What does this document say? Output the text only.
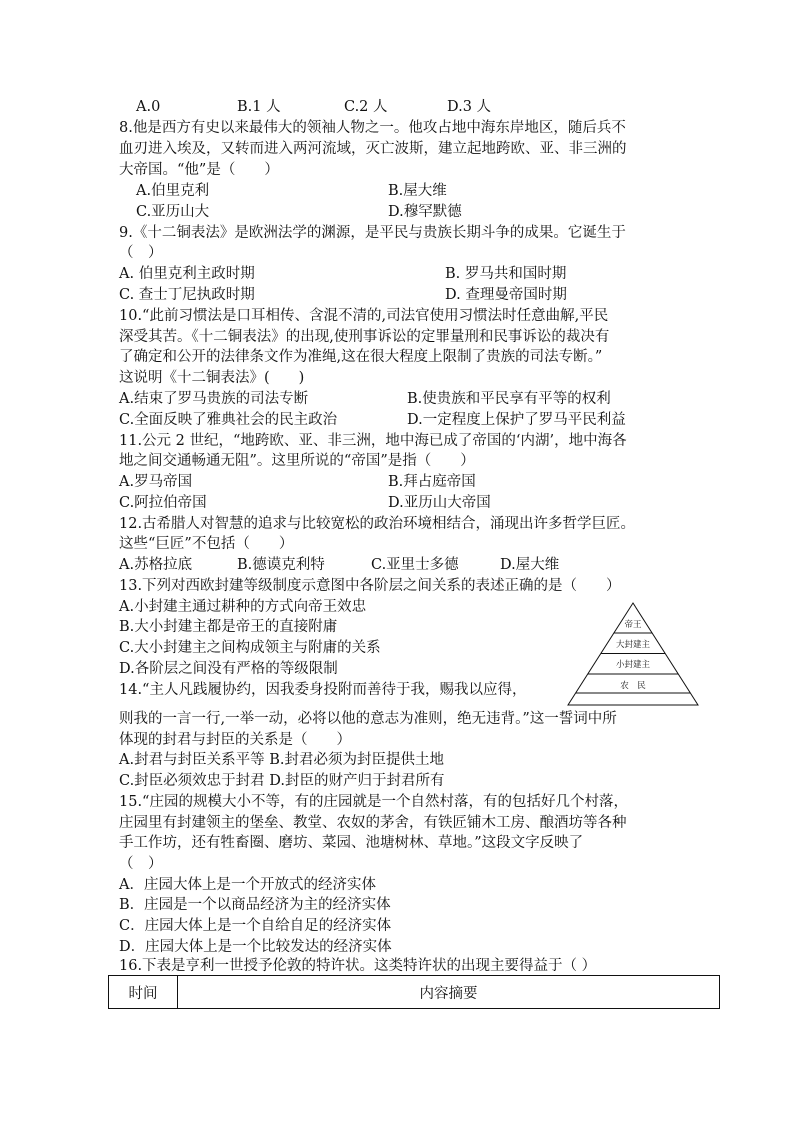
A.0	B.1 人	C.2 人	D.3 人
8.他是西方有史以来最伟大的领袖人物之一。他攻占地中海东岸地区，随后兵不
血刃进入埃及，又转而进入两河流域，灭亡波斯，建立起地跨欧、亚、非三洲的
大帝国。“他”是（　　）
A.伯里克利	B.屋大维
C.亚历山大	D.穆罕默德
9.《十二铜表法》是欧洲法学的渊源，是平民与贵族长期斗争的成果。它诞生于
（　）
A. 伯里克利主政时期	B. 罗马共和国时期
C. 查士丁尼执政时期	D. 查理曼帝国时期
10.“此前习惯法是口耳相传、含混不清的,司法官使用习惯法时任意曲解,平民
深受其苦。《十二铜表法》的出现,使刑事诉讼的定罪量刑和民事诉讼的裁决有
了确定和公开的法律条文作为准绳,这在很大程度上限制了贵族的司法专断。”
这说明《十二铜表法》(　　)
A.结束了罗马贵族的司法专断	B.使贵族和平民享有平等的权利
C.全面反映了雅典社会的民主政治	D.一定程度上保护了罗马平民利益
11.公元 2 世纪，“地跨欧、亚、非三洲，地中海已成了帝国的‘内湖’，地中海各
地之间交通畅通无阻”。这里所说的“帝国”是指（　　）
A.罗马帝国	B.拜占庭帝国
C.阿拉伯帝国	D.亚历山大帝国
12.古希腊人对智慧的追求与比较宽松的政治环境相结合，涌现出许多哲学巨匠。
这些“巨匠”不包括（　　）
A.苏格拉底	B.德谟克利特	C.亚里士多德	D.屋大维
13.下列对西欧封建等级制度示意图中各阶层之间关系的表述正确的是（　　）
A.小封建主通过耕种的方式向帝王效忠
B.大小封建主都是帝王的直接附庸
C.大小封建主之间构成领主与附庸的关系
D.各阶层之间没有严格的等级限制
帝王
大封建主
小封建主
农　民
14.“主人凡践履协约，因我委身投附而善待于我，赐我以应得，
则我的一言一行,一举一动，必将以他的意志为准则，绝无违背。”这一誓词中所
体现的封君与封臣的关系是（　　）
A.封君与封臣关系平等 B.封君必须为封臣提供土地
C.封臣必须效忠于封君 D.封臣的财产归于封君所有
15.“庄园的规模大小不等，有的庄园就是一个自然村落，有的包括好几个村落，
庄园里有封建领主的堡垒、教堂、农奴的茅舍，有铁匠铺木工房、酿酒坊等各种
手工作坊，还有牲畜圈、磨坊、菜园、池塘树林、草地。”这段文字反映了
（　）
A．庄园大体上是一个开放式的经济实体
B．庄园是一个以商品经济为主的经济实体
C．庄园大体上是一个自给自足的经济实体
D．庄园大体上是一个比较发达的经济实体
16.下表是亨利一世授予伦敦的特许状。这类特许状的出现主要得益于（ ）
时间	内容摘要
